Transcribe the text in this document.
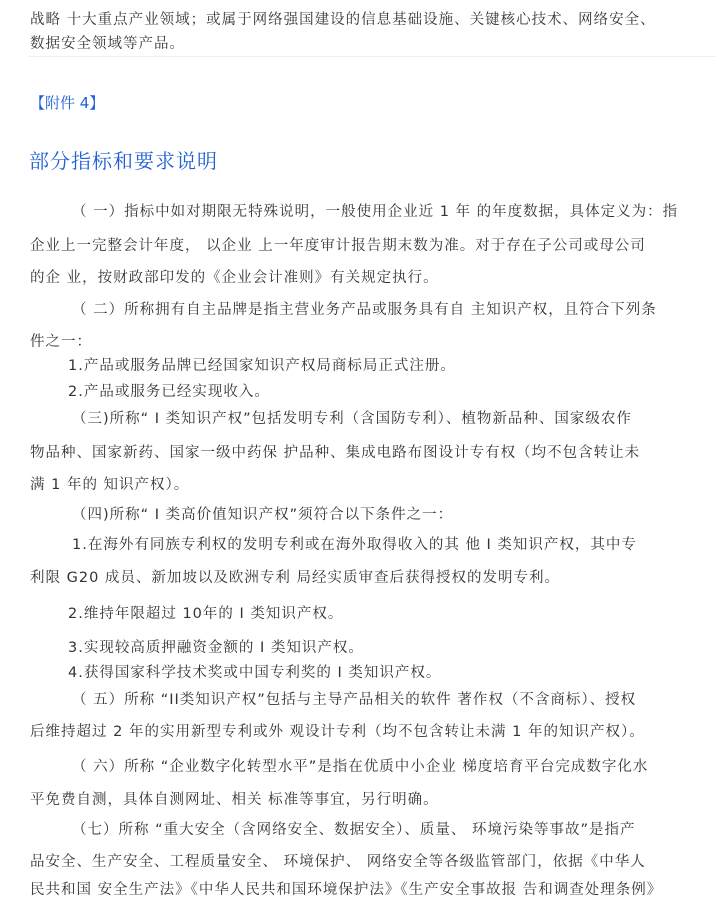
战略 十大重点产业领域；或属于网络强国建设的信息基础设施、关键核心技术、网络安全、
数据安全领域等产品。
【附件 4】
部分指标和要求说明
（ 一）指标中如对期限无特殊说明，一般使用企业近 1 年 的年度数据，具体定义为：指
企业上一完整会计年度， 以企业 上一年度审计报告期末数为准。对于存在子公司或母公司
的企 业，按财政部印发的《企业会计准则》有关规定执行。
（ 二）所称拥有自主品牌是指主营业务产品或服务具有自 主知识产权，且符合下列条
件之一：
1.产品或服务品牌已经国家知识产权局商标局正式注册。
2.产品或服务已经实现收入。
（三)所称“ I 类知识产权”包括发明专利（含国防专利）、植物新品种、国家级农作
物品种、国家新药、国家一级中药保 护品种、集成电路布图设计专有权（均不包含转让未
满 1 年的 知识产权）。
（四)所称“ I 类高价值知识产权”须符合以下条件之一：
1.在海外有同族专利权的发明专利或在海外取得收入的其 他 I 类知识产权，其中专
利限 G20 成员、新加坡以及欧洲专利 局经实质审查后获得授权的发明专利。
2.维持年限超过 10年的 I 类知识产权。
3.实现较高质押融资金额的 I 类知识产权。
4.获得国家科学技术奖或中国专利奖的 I 类知识产权。
（ 五）所称 “II类知识产权”包括与主导产品相关的软件 著作权（不含商标）、授权
后维持超过 2 年的实用新型专利或外 观设计专利（均不包含转让未满 1 年的知识产权）。
（ 六）所称 “企业数字化转型水平”是指在优质中小企业 梯度培育平台完成数字化水
平免费自测，具体自测网址、相关 标准等事宜，另行明确。
（七）所称 “重大安全（含网络安全、数据安全）、质量、 环境污染等事故”是指产
品安全、生产安全、工程质量安全、 环境保护、 网络安全等各级监管部门，依据《中华人
民共和国 安全生产法》《中华人民共和国环境保护法》《生产安全事故报 告和调查处理条例》
